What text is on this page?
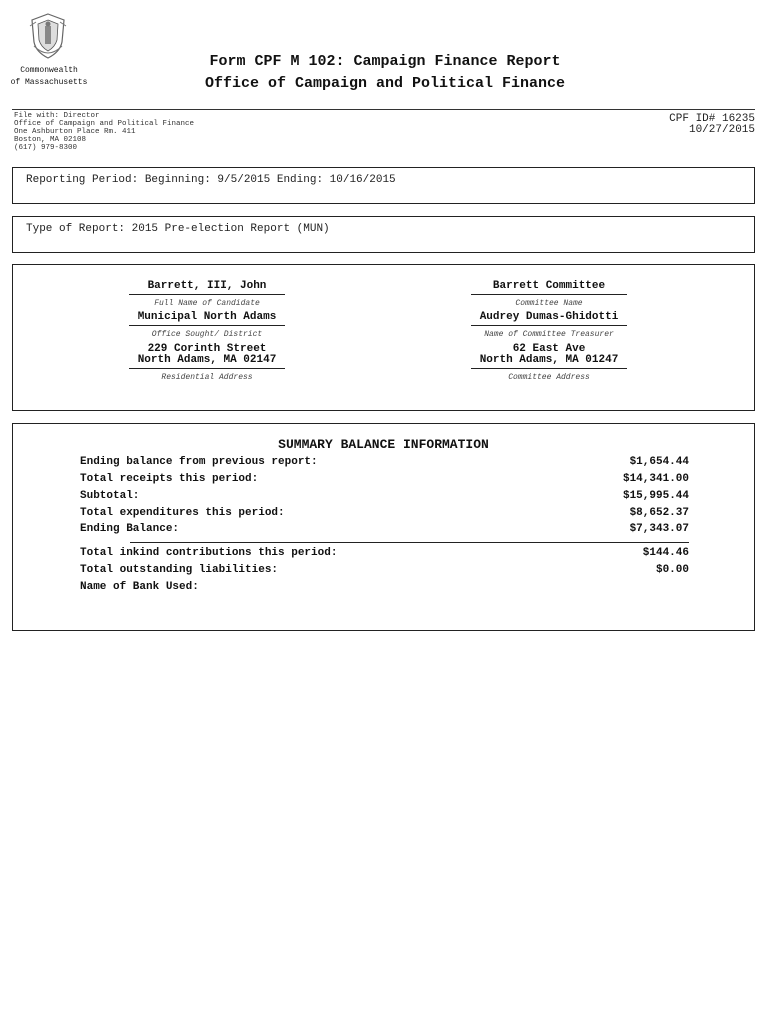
Commonwealth
of Massachusetts
Form CPF M 102: Campaign Finance Report
Office of Campaign and Political Finance
File with: Director
Office of Campaign and Political Finance
One Ashburton Place Rm. 411
Boston, MA 02108
(617) 979-8300
CPF ID# 16235
10/27/2015
Reporting Period: Beginning: 9/5/2015 Ending: 10/16/2015
Type of Report: 2015 Pre-election Report (MUN)
Barrett, III, John
Full Name of Candidate
Municipal North Adams
Office Sought/ District
229 Corinth Street
North Adams, MA 02147
Residential Address
Barrett Committee
Committee Name
Audrey Dumas-Ghidotti
Name of Committee Treasurer
62 East Ave
North Adams, MA 01247
Committee Address
SUMMARY BALANCE INFORMATION
Ending balance from previous report:	$1,654.44
Total receipts this period:	$14,341.00
Subtotal:	$15,995.44
Total expenditures this period:	$8,652.37
Ending Balance:	$7,343.07
Total inkind contributions this period:	$144.46
Total outstanding liabilities:	$0.00
Name of Bank Used:
